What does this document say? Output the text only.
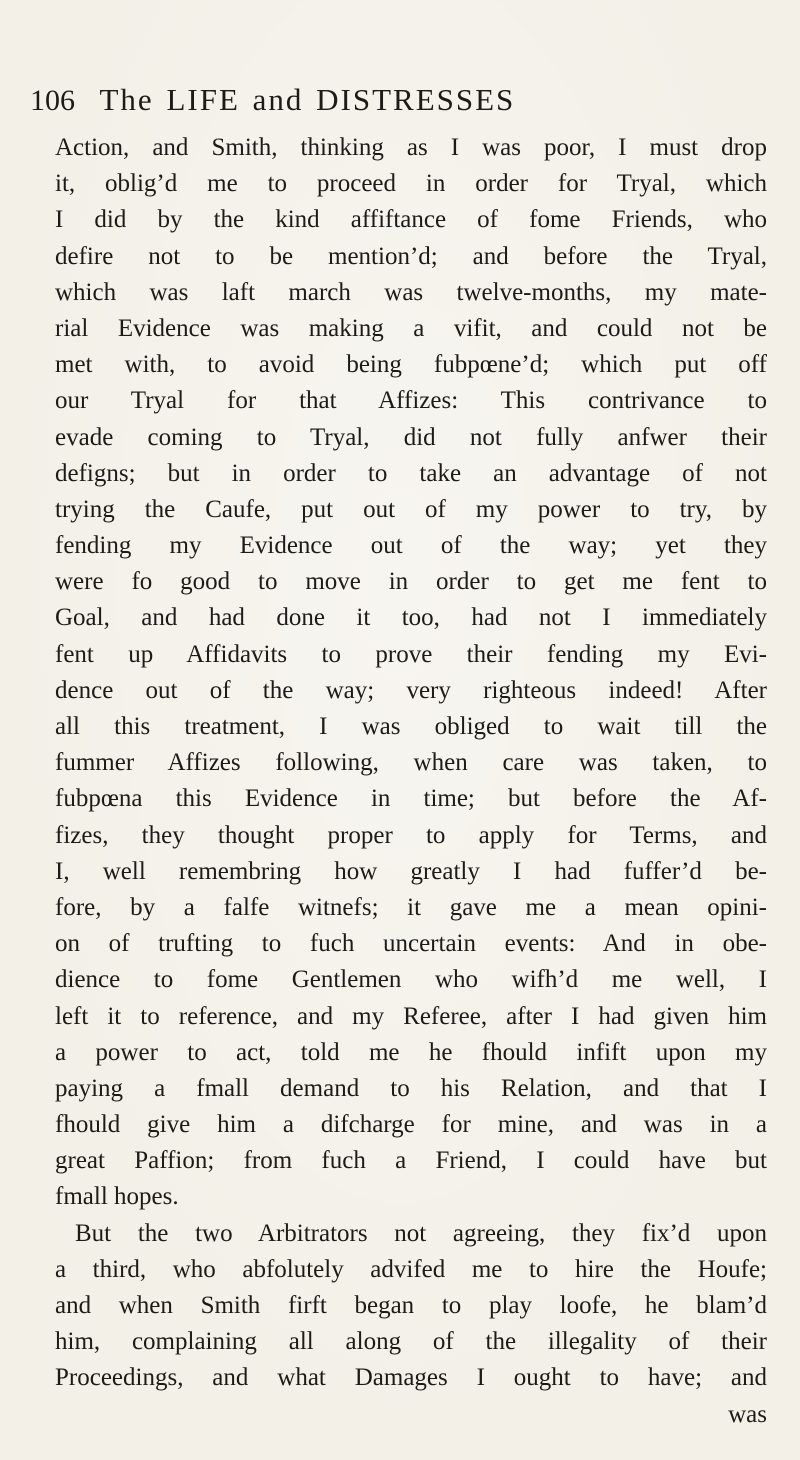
106 The LIFE and DISTRESSES
Action, and Smith, thinking as I was poor, I must drop
it, oblig’d me to proceed in order for Tryal, which
I did by the kind affiftance of fome Friends, who
defire not to be mention’d; and before the Tryal,
which was laft march was twelve-months, my mate-
rial Evidence was making a vifit, and could not be
met with, to avoid being fubpœne’d; which put off
our Tryal for that Affizes: This contrivance to
evade coming to Tryal, did not fully anfwer their
defigns; but in order to take an advantage of not
trying the Caufe, put out of my power to try, by
fending my Evidence out of the way; yet they
were fo good to move in order to get me fent to
Goal, and had done it too, had not I immediately
fent up Affidavits to prove their fending my Evi-
dence out of the way; very righteous indeed! After
all this treatment, I was obliged to wait till the
fummer Affizes following, when care was taken, to
fubpœna this Evidence in time; but before the Af-
fizes, they thought proper to apply for Terms, and
I, well remembring how greatly I had fuffer’d be-
fore, by a falfe witnefs; it gave me a mean opini-
on of trufting to fuch uncertain events: And in obe-
dience to fome Gentlemen who wifh’d me well, I
left it to reference, and my Referee, after I had given him
a power to act, told me he fhould infift upon my
paying a fmall demand to his Relation, and that I
fhould give him a difcharge for mine, and was in a
great Paffion; from fuch a Friend, I could have but
fmall hopes.
But the two Arbitrators not agreeing, they fix’d upon
a third, who abfolutely advifed me to hire the Houfe;
and when Smith firft began to play loofe, he blam’d
him, complaining all along of the illegality of their
Proceedings, and what Damages I ought to have; and
was
